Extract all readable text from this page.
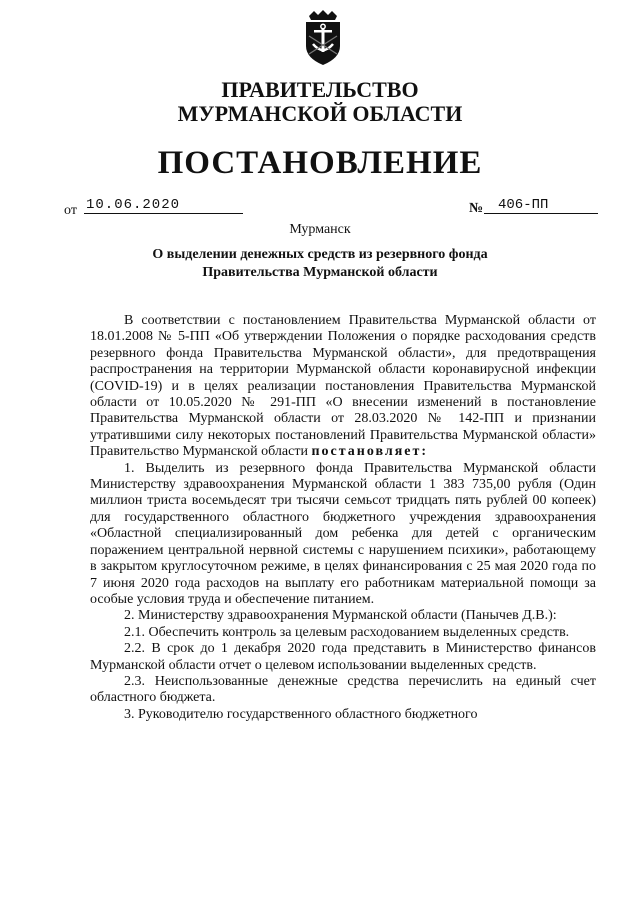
ПРАВИТЕЛЬСТВО
МУРМАНСКОЙ ОБЛАСТИ
ПОСТАНОВЛЕНИЕ
от 10.06.2020	№	406-ПП
Мурманск
О выделении денежных средств из резервного фонда
Правительства Мурманской области

В соответствии с постановлением Правительства Мурманской области от 18.01.2008 № 5-ПП «Об утверждении Положения о порядке расходования средств резервного фонда Правительства Мурманской области», для предотвращения распространения на территории Мурманской области коронавирусной инфекции (COVID-19) и в целях реализации постановления Правительства Мурманской области от 10.05.2020 № 291-ПП «О внесении изменений в постановление Правительства Мурманской области от 28.03.2020 № 142-ПП и признании утратившими силу некоторых постановлений Правительства Мурманской области» Правительство Мурманской области постановляет:

1. Выделить из резервного фонда Правительства Мурманской области Министерству здравоохранения Мурманской области 1 383 735,00 рубля (Один миллион триста восемьдесят три тысячи семьсот тридцать пять рублей 00 копеек) для государственного областного бюджетного учреждения здравоохранения «Областной специализированный дом ребенка для детей с органическим поражением центральной нервной системы с нарушением психики», работающему в закрытом круглосуточном режиме, в целях финансирования с 25 мая 2020 года по 7 июня 2020 года расходов на выплату его работникам материальной помощи за особые условия труда и обеспечение питанием.

2. Министерству здравоохранения Мурманской области (Панычев Д.В.):

2.1. Обеспечить контроль за целевым расходованием выделенных средств.

2.2. В срок до 1 декабря 2020 года представить в Министерство финансов Мурманской области отчет о целевом использовании выделенных средств.

2.3. Неиспользованные денежные средства перечислить на единый счет областного бюджета.

3. Руководителю государственного областного бюджетного
